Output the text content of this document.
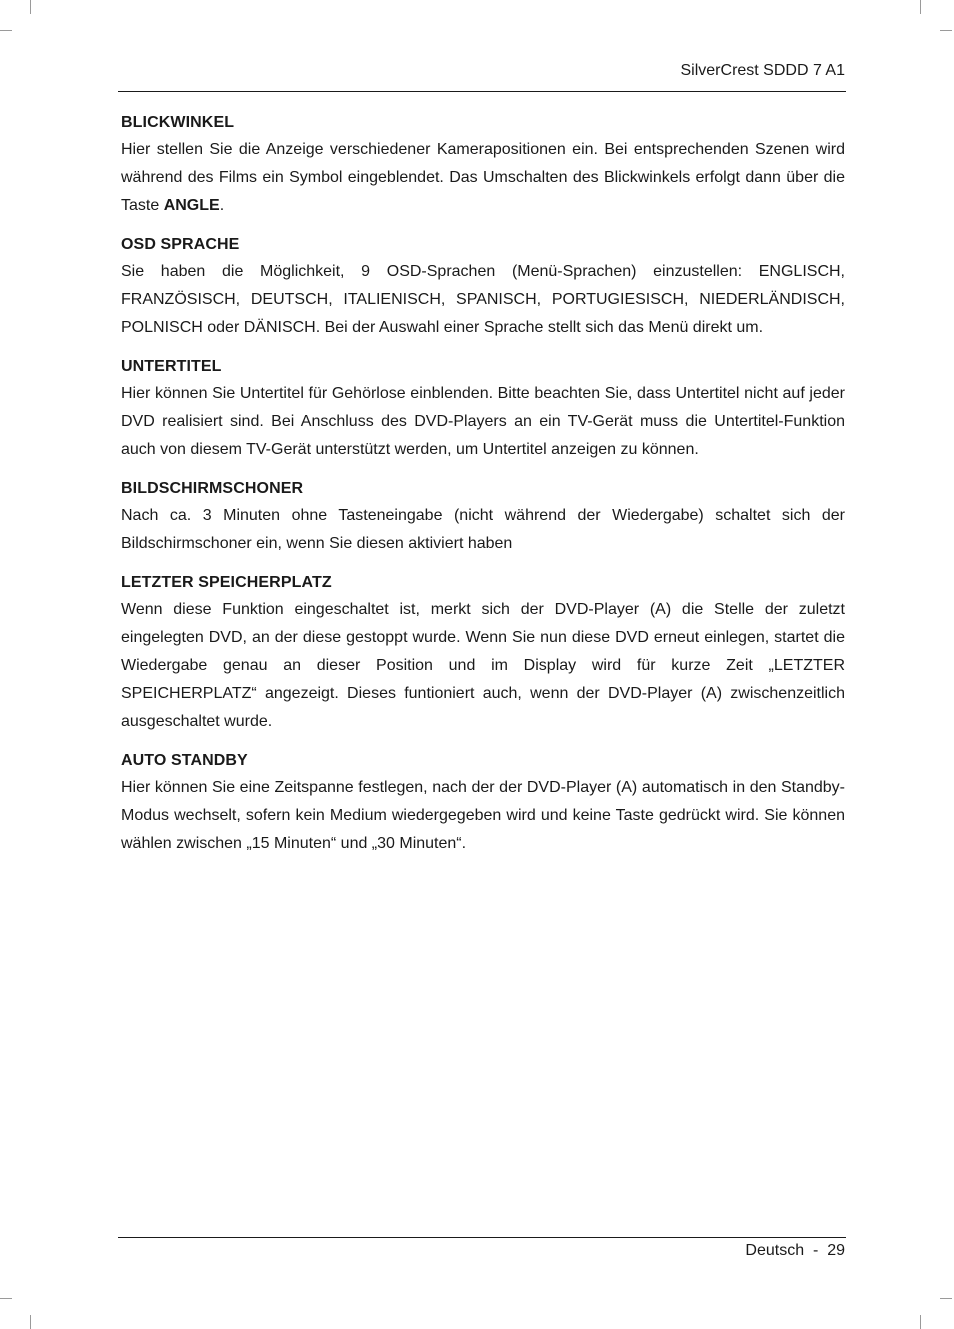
SilverCrest SDDD 7 A1

BLICKWINKEL

Hier stellen Sie die Anzeige verschiedener Kamerapositionen ein. Bei entsprechenden Szenen wird während des Films ein Symbol eingeblendet. Das Umschalten des Blickwinkels erfolgt dann über die Taste ANGLE.

OSD SPRACHE

Sie haben die Möglichkeit, 9 OSD-Sprachen (Menü-Sprachen) einzustellen: ENGLISCH, FRANZÖSISCH, DEUTSCH, ITALIENISCH, SPANISCH, PORTUGIESISCH, NIEDERLÄNDISCH, POLNISCH oder DÄNISCH. Bei der Auswahl einer Sprache stellt sich das Menü direkt um.

UNTERTITEL

Hier können Sie Untertitel für Gehörlose einblenden. Bitte beachten Sie, dass Untertitel nicht auf jeder DVD realisiert sind. Bei Anschluss des DVD-Players an ein TV-Gerät muss die Untertitel-Funktion auch von diesem TV-Gerät unterstützt werden, um Untertitel anzeigen zu können.

BILDSCHIRMSCHONER

Nach ca. 3 Minuten ohne Tasteneingabe (nicht während der Wiedergabe) schaltet sich der Bildschirmschoner ein, wenn Sie diesen aktiviert haben

LETZTER SPEICHERPLATZ

Wenn diese Funktion eingeschaltet ist, merkt sich der DVD-Player (A) die Stelle der zuletzt eingelegten DVD, an der diese gestoppt wurde. Wenn Sie nun diese DVD erneut einlegen, startet die Wiedergabe genau an dieser Position und im Display wird für kurze Zeit „LETZTER SPEICHERPLATZ“ angezeigt. Dieses funtioniert auch, wenn der DVD-Player (A) zwischenzeitlich ausgeschaltet wurde.

AUTO STANDBY

Hier können Sie eine Zeitspanne festlegen, nach der der DVD-Player (A) automatisch in den Standby-Modus wechselt, sofern kein Medium wiedergegeben wird und keine Taste gedrückt wird. Sie können wählen zwischen „15 Minuten“ und „30 Minuten“.

Deutsch  -  29
